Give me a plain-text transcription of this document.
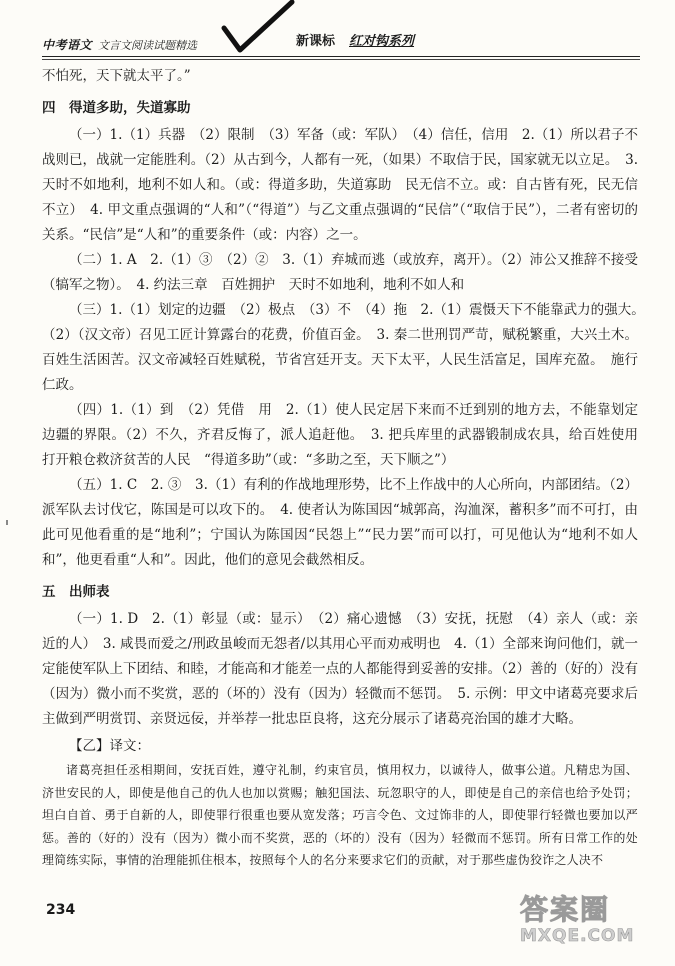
中考语文 文言文阅读试题精选	新课标 红对钩系列

不怕死，天下就太平了。”

四　得道多助，失道寡助

（一）1.（1）兵器　（2）限制　（3）军备（或：军队）　（4）信任，信用　2.（1）所以君子不战则已，战就一定能胜利。（2）从古到今，人都有一死，（如果）不取信于民，国家就无以立足。　3. 天时不如地利，地利不如人和。（或：得道多助，失道寡助　民无信不立。或：自古皆有死，民无信不立）　4. 甲文重点强调的“人和”（“得道”）与乙文重点强调的“民信”（“取信于民”），二者有密切的关系。“民信”是“人和”的重要条件（或：内容）之一。

（二）1. A　2.（1）③　（2）②　3.（1）弃城而逃（或放弃，离开）。（2）沛公又推辞不接受（犒军之物）。　4. 约法三章　百姓拥护　天时不如地利，地利不如人和

（三）1.（1）划定的边疆　（2）极点　（3）不　（4）拖　2.（1）震慑天下不能靠武力的强大。　（2）（汉文帝）召见工匠计算露台的花费，价值百金。　3. 秦二世刑罚严苛，赋税繁重，大兴土木。百姓生活困苦。汉文帝减轻百姓赋税，节省宫廷开支。天下太平，人民生活富足，国库充盈。　施行仁政。

（四）1.（1）到　（2）凭借　用　2.（1）使人民定居下来而不迁到别的地方去，不能靠划定边疆的界限。（2）不久，齐君反悔了，派人追赶他。　3. 把兵库里的武器锻制成农具，给百姓使用　打开粮仓救济贫苦的人民　“得道多助”（或：“多助之至，天下顺之”）

（五）1. C　2. ③　3.（1）有利的作战地理形势，比不上作战中的人心所向，内部团结。（2）派军队去讨伐它，陈国是可以攻下的。　4. 使者认为陈国因“城郭高，沟洫深，蓄积多”而不可打，由此可见他看重的是“地利”；宁国认为陈国因“民怨上”“民力罢”而可以打，可见他认为“地利不如人和”，他更看重“人和”。因此，他们的意见会截然相反。

五　出师表

（一）1. D　2.（1）彰显（或：显示）　（2）痛心遗憾　（3）安抚，抚慰　（4）亲人（或：亲近的人）　3. 咸畏而爱之/刑政虽峻而无怨者/以其用心平而劝戒明也　4.（1）全部来询问他们，就一定能使军队上下团结、和睦，才能高和才能差一点的人都能得到妥善的安排。（2）善的（好的）没有（因为）微小而不奖赏，恶的（坏的）没有（因为）轻微而不惩罚。　5. 示例：甲文中诸葛亮要求后主做到严明赏罚、亲贤远佞，并举荐一批忠臣良将，这充分展示了诸葛亮治国的雄才大略。

【乙】译文：

诸葛亮担任丞相期间，安抚百姓，遵守礼制，约束官员，慎用权力，以诚待人，做事公道。凡精忠为国、济世安民的人，即使是他自己的仇人也加以赏赐；触犯国法、玩忽职守的人，即使是自己的亲信也给予处罚；坦白自首、勇于自新的人，即使罪行很重也要从宽发落；巧言令色、文过饰非的人，即使罪行轻微也要加以严惩。善的（好的）没有（因为）微小而不奖赏，恶的（坏的）没有（因为）轻微而不惩罚。所有日常工作的处理简练实际，事情的治理能抓住根本，按照每个人的名分来要求它们的贡献，对于那些虚伪狡诈之人决不

234	答案圈
MXQE.COM
